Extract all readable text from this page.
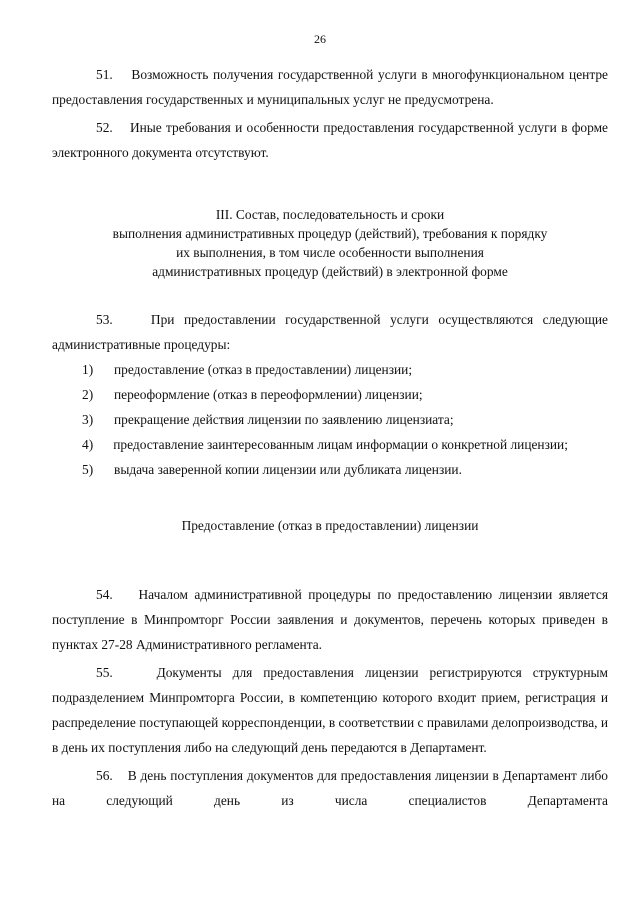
26

51.    Возможность получения государственной услуги в многофункциональном центре предоставления государственных и муниципальных услуг не предусмотрена.

52.    Иные требования и особенности предоставления государственной услуги в форме электронного документа отсутствуют.

III. Состав, последовательность и сроки
выполнения административных процедур (действий), требования к порядку
их выполнения, в том числе особенности выполнения
административных процедур (действий) в электронной форме

53.    При предоставлении государственной услуги осуществляются следующие административные процедуры:

1)	предоставление (отказ в предоставлении) лицензии;
2)	переоформление (отказ в переоформлении) лицензии;
3)	прекращение действия лицензии по заявлению лицензиата;

4) предоставление заинтересованным лицам информации о конкретной лицензии;

5)	выдача заверенной копии лицензии или дубликата лицензии.

Предоставление (отказ в предоставлении) лицензии

54.    Началом административной процедуры по предоставлению лицензии является поступление в Минпромторг России заявления и документов, перечень которых приведен в пунктах 27-28 Административного регламента.

55.    Документы для предоставления лицензии регистрируются структурным подразделением Минпромторга России, в компетенцию которого входит прием, регистрация и распределение поступающей корреспонденции, в соответствии с правилами делопроизводства, и в день их поступления либо на следующий день передаются в Департамент.

56.    В день поступления документов для предоставления лицензии в Департамент либо на следующий день из числа специалистов Департамента
